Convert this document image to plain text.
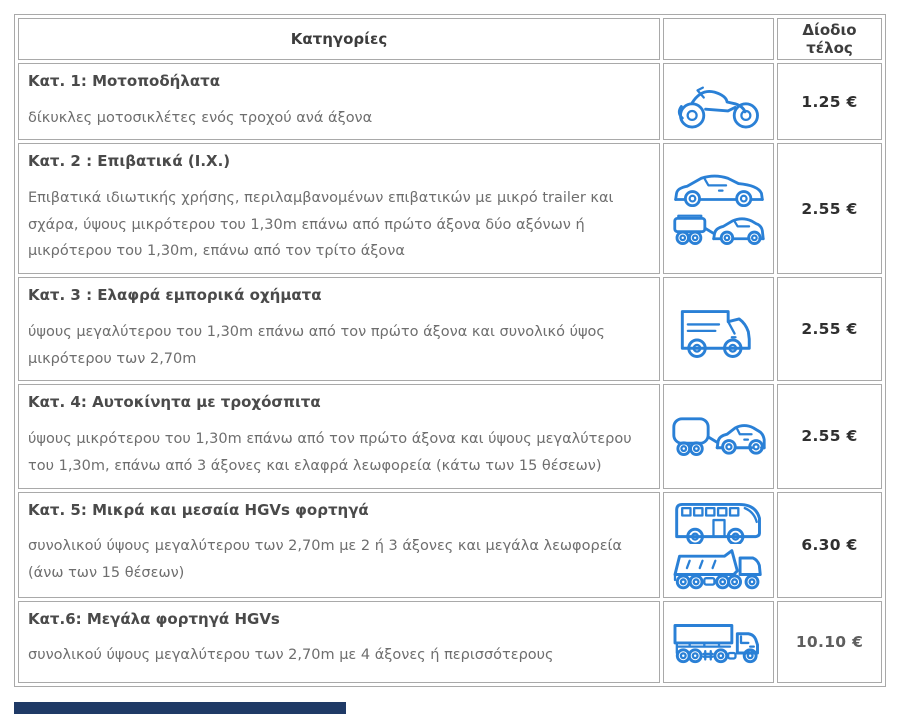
Κατηγορίες		Δίοδιο τέλος

Κατ. 1: Μοτοποδήλατα
δίκυκλες μοτοσικλέτες ενός τροχού ανά άξονα		1.25 €

Κατ. 2 : Επιβατικά (Ι.Χ.)
Επιβατικά ιδιωτικής χρήσης, περιλαμβανομένων επιβατικών με μικρό trailer και σχάρα, ύψους μικρότερου του 1,30m επάνω από πρώτο άξονα δύο αξόνων ή μικρότερου του 1,30m, επάνω από τον τρίτο άξονα		2.55 €

Κατ. 3 : Ελαφρά εμπορικά οχήματα
ύψους μεγαλύτερου του 1,30m επάνω από τον πρώτο άξονα και συνολικό ύψος μικρότερου των 2,70m		2.55 €

Κατ. 4: Αυτοκίνητα με τροχόσπιτα
ύψους μικρότερου του 1,30m επάνω από τον πρώτο άξονα και ύψους μεγαλύτερου του 1,30m, επάνω από 3 άξονες και ελαφρά λεωφορεία (κάτω των 15 θέσεων)		2.55 €

Κατ. 5: Μικρά και μεσαία HGVs φορτηγά
συνολικού ύψους μεγαλύτερου των 2,70m με 2 ή 3 άξονες και μεγάλα λεωφορεία (άνω των 15 θέσεων)		6.30 €

Κατ.6: Μεγάλα φορτηγά HGVs
συνολικού ύψους μεγαλύτερου των 2,70m με 4 άξονες ή περισσότερους		10.10 €
